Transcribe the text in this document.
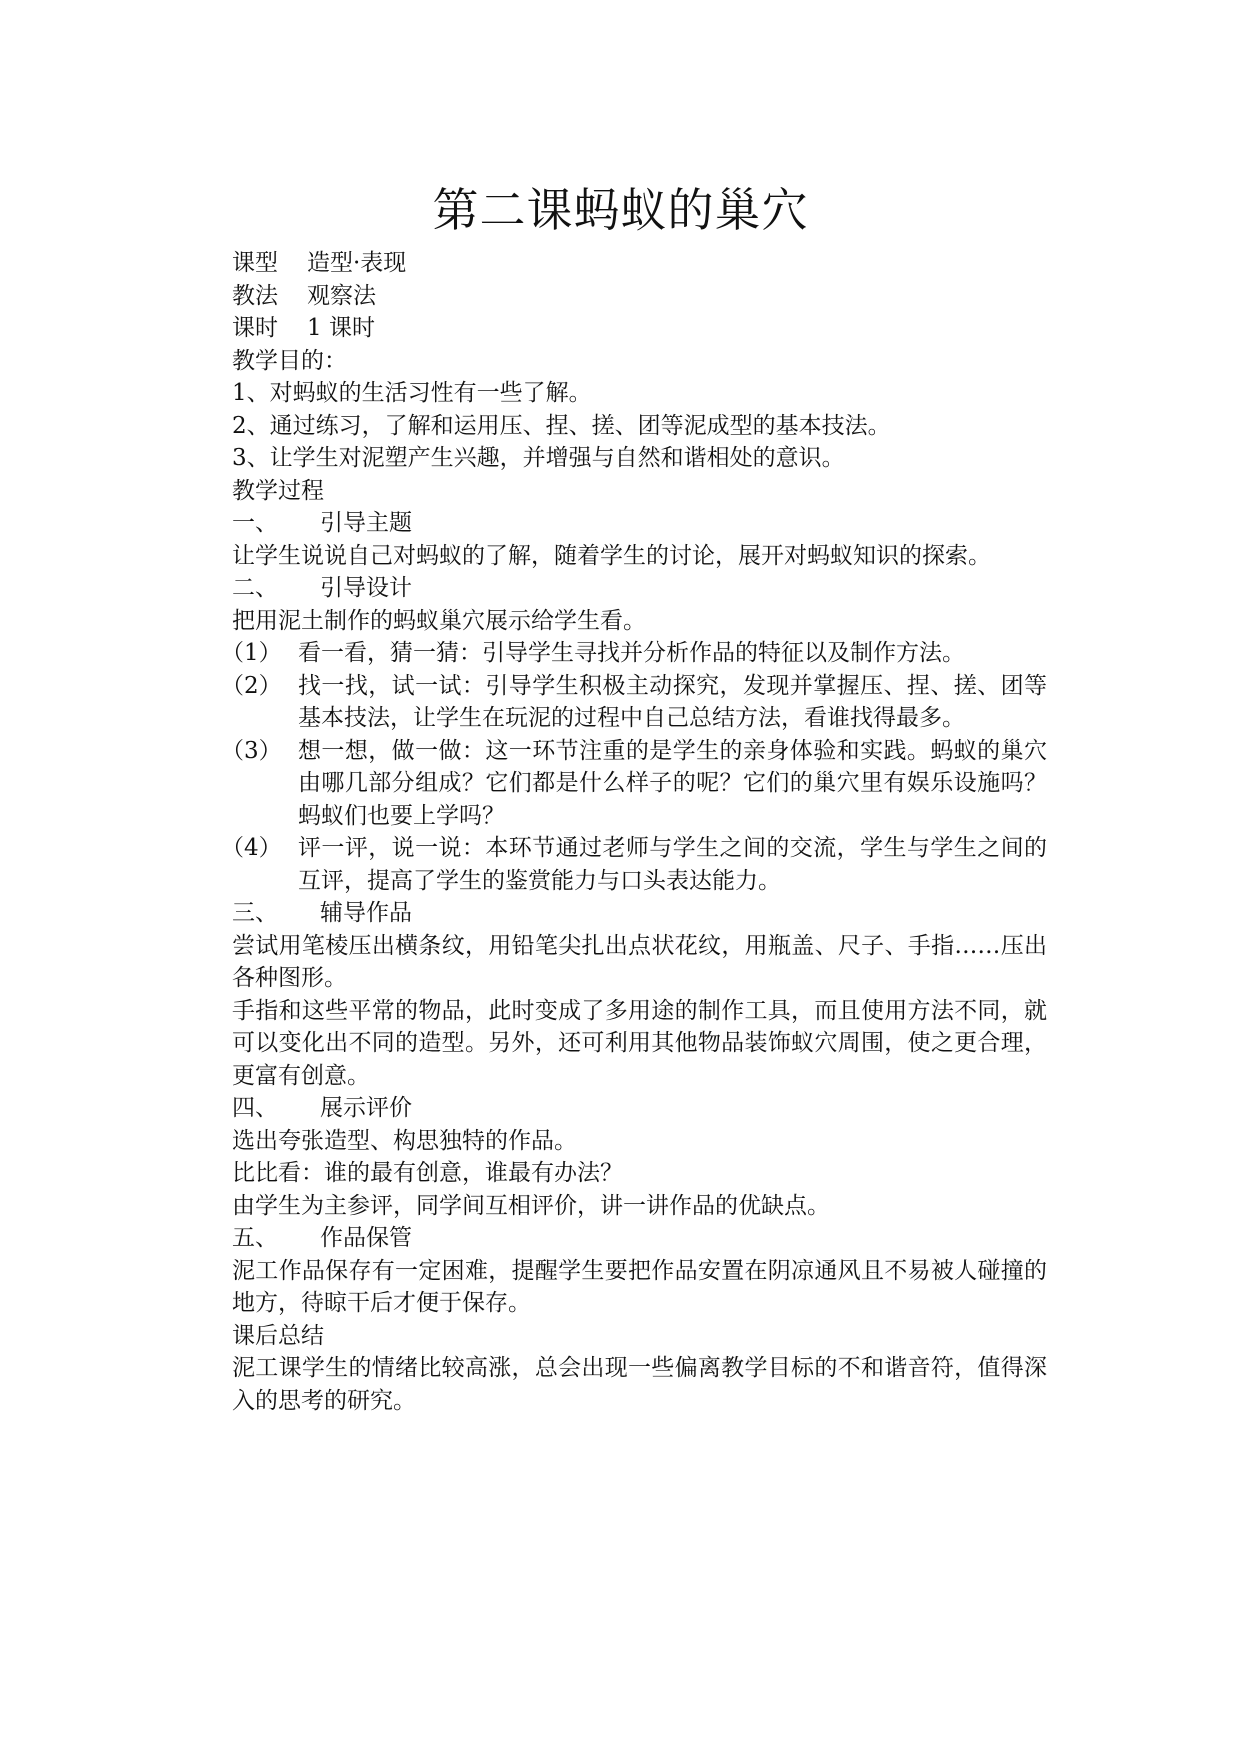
第二课蚂蚁的巢穴
课型	造型·表现
教法	观察法
课时	1 课时
教学目的：
1、对蚂蚁的生活习性有一些了解。
2、通过练习，了解和运用压、捏、搓、团等泥成型的基本技法。
3、让学生对泥塑产生兴趣，并增强与自然和谐相处的意识。
教学过程
一、	引导主题
让学生说说自己对蚂蚁的了解，随着学生的讨论，展开对蚂蚁知识的探索。
二、	引导设计
把用泥土制作的蚂蚁巢穴展示给学生看。
（1） 看一看，猜一猜：引导学生寻找并分析作品的特征以及制作方法。
（2） 找一找，试一试：引导学生积极主动探究，发现并掌握压、捏、搓、团等基本技法，让学生在玩泥的过程中自己总结方法，看谁找得最多。
（3） 想一想，做一做：这一环节注重的是学生的亲身体验和实践。蚂蚁的巢穴由哪几部分组成？它们都是什么样子的呢？它们的巢穴里有娱乐设施吗？蚂蚁们也要上学吗？
（4） 评一评，说一说：本环节通过老师与学生之间的交流，学生与学生之间的互评，提高了学生的鉴赏能力与口头表达能力。
三、	辅导作品
尝试用笔棱压出横条纹，用铅笔尖扎出点状花纹，用瓶盖、尺子、手指……压出各种图形。
手指和这些平常的物品，此时变成了多用途的制作工具，而且使用方法不同，就可以变化出不同的造型。另外，还可利用其他物品装饰蚁穴周围，使之更合理，更富有创意。
四、	展示评价
选出夸张造型、构思独特的作品。
比比看：谁的最有创意，谁最有办法？
由学生为主参评，同学间互相评价，讲一讲作品的优缺点。
五、	作品保管
泥工作品保存有一定困难，提醒学生要把作品安置在阴凉通风且不易被人碰撞的地方，待晾干后才便于保存。
课后总结
泥工课学生的情绪比较高涨，总会出现一些偏离教学目标的不和谐音符，值得深入的思考的研究。
